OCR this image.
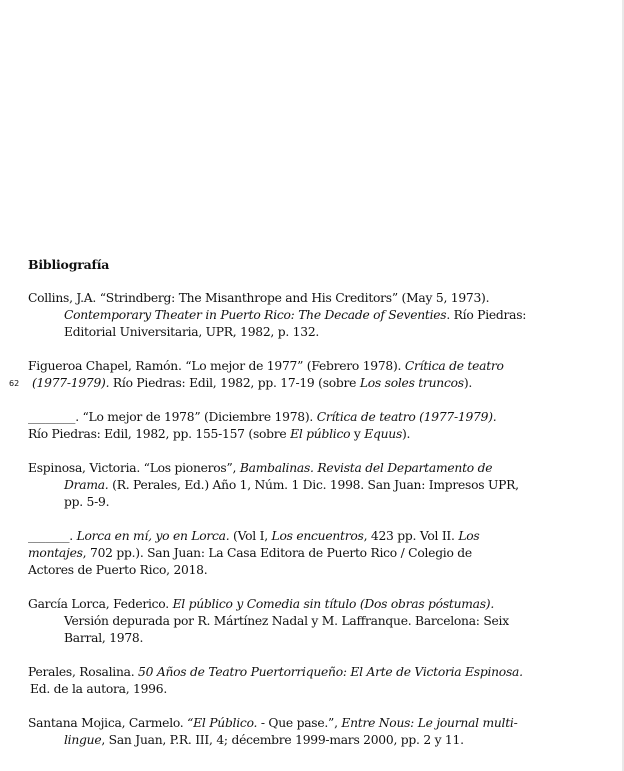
Bibliografía
62

Collins, J.A. “Strindberg: The Misanthrope and His Creditors” (May 5, 1973).
Contemporary Theater in Puerto Rico: The Decade of Seventies. Río Piedras:
Editorial Universitaria, UPR, 1982, p. 132.

Figueroa Chapel, Ramón. “Lo mejor de 1977” (Febrero 1978). Crítica de teatro
(1977-1979). Río Piedras: Edil, 1982, pp. 17-19 (sobre Los soles truncos).

________. “Lo mejor de 1978” (Diciembre 1978). Crítica de teatro (1977-1979).
Río Piedras: Edil, 1982, pp. 155-157 (sobre El público y Equus).

Espinosa, Victoria. “Los pioneros”, Bambalinas. Revista del Departamento de
Drama. (R. Perales, Ed.) Año 1, Núm. 1 Dic. 1998. San Juan: Impresos UPR,
pp. 5-9.

_______. Lorca en mí, yo en Lorca. (Vol I, Los encuentros, 423 pp. Vol II. Los
montajes, 702 pp.). San Juan: La Casa Editora de Puerto Rico / Colegio de
Actores de Puerto Rico, 2018.

García Lorca, Federico. El público y Comedia sin título (Dos obras póstumas).
Versión depurada por R. Mártínez Nadal y M. Laffranque. Barcelona: Seix
Barral, 1978.

Perales, Rosalina. 50 Años de Teatro Puertorriqueño: El Arte de Victoria Espinosa.
Ed. de la autora, 1996.

Santana Mojica, Carmelo. “El Público. - Que pase.”, Entre Nous: Le journal multi-
lingue, San Juan, P.R. III, 4; décembre 1999-mars 2000, pp. 2 y 11.
